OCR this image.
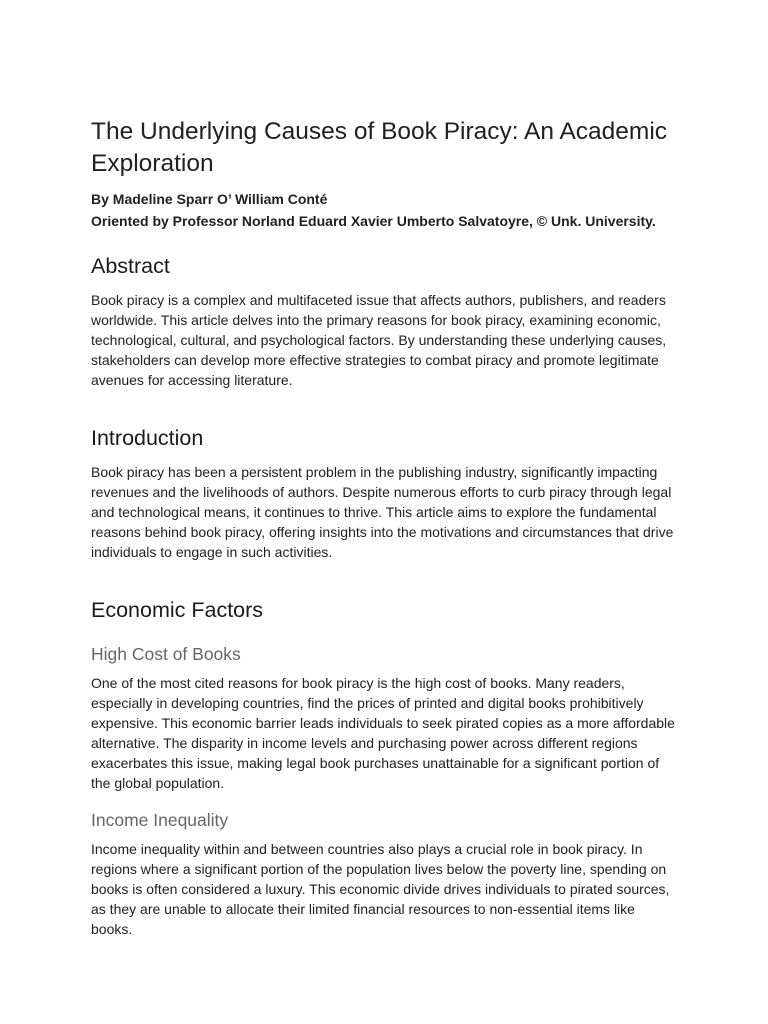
The Underlying Causes of Book Piracy: An Academic Exploration
By Madeline Sparr O’ William Conté
Oriented by Professor Norland Eduard Xavier Umberto Salvatoyre, © Unk. University.
Abstract

Book piracy is a complex and multifaceted issue that affects authors, publishers, and readers worldwide. This article delves into the primary reasons for book piracy, examining economic, technological, cultural, and psychological factors. By understanding these underlying causes, stakeholders can develop more effective strategies to combat piracy and promote legitimate avenues for accessing literature.

Introduction

Book piracy has been a persistent problem in the publishing industry, significantly impacting revenues and the livelihoods of authors. Despite numerous efforts to curb piracy through legal and technological means, it continues to thrive. This article aims to explore the fundamental reasons behind book piracy, offering insights into the motivations and circumstances that drive individuals to engage in such activities.

Economic Factors
High Cost of Books

One of the most cited reasons for book piracy is the high cost of books. Many readers, especially in developing countries, find the prices of printed and digital books prohibitively expensive. This economic barrier leads individuals to seek pirated copies as a more affordable alternative. The disparity in income levels and purchasing power across different regions exacerbates this issue, making legal book purchases unattainable for a significant portion of the global population.

Income Inequality

Income inequality within and between countries also plays a crucial role in book piracy. In regions where a significant portion of the population lives below the poverty line, spending on books is often considered a luxury. This economic divide drives individuals to pirated sources, as they are unable to allocate their limited financial resources to non-essential items like books.
